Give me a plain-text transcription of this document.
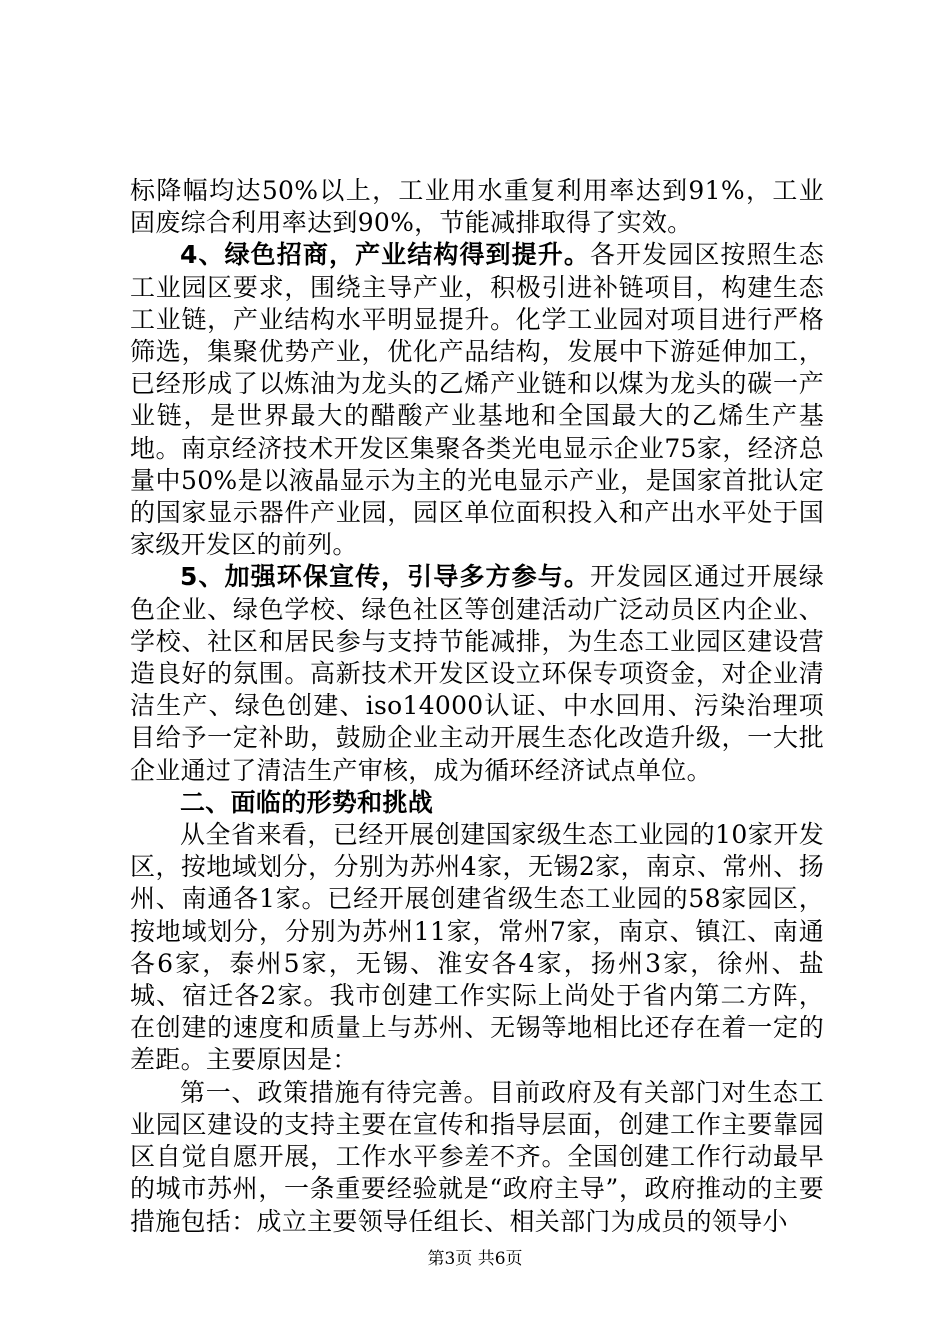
标降幅均达50%以上，工业用水重复利用率达到91%，工业固废综合利用率达到90%，节能减排取得了实效。

4、绿色招商，产业结构得到提升。各开发园区按照生态工业园区要求，围绕主导产业，积极引进补链项目，构建生态工业链，产业结构水平明显提升。化学工业园对项目进行严格筛选，集聚优势产业，优化产品结构，发展中下游延伸加工，已经形成了以炼油为龙头的乙烯产业链和以煤为龙头的碳一产业链，是世界最大的醋酸产业基地和全国最大的乙烯生产基地。南京经济技术开发区集聚各类光电显示企业75家，经济总量中50%是以液晶显示为主的光电显示产业，是国家首批认定的国家显示器件产业园，园区单位面积投入和产出水平处于国家级开发区的前列。

5、加强环保宣传，引导多方参与。开发园区通过开展绿色企业、绿色学校、绿色社区等创建活动广泛动员区内企业、学校、社区和居民参与支持节能减排，为生态工业园区建设营造良好的氛围。高新技术开发区设立环保专项资金，对企业清洁生产、绿色创建、iso14000认证、中水回用、污染治理项目给予一定补助，鼓励企业主动开展生态化改造升级，一大批企业通过了清洁生产审核，成为循环经济试点单位。

二、面临的形势和挑战

从全省来看，已经开展创建国家级生态工业园的10家开发区，按地域划分，分别为苏州4家，无锡2家，南京、常州、扬州、南通各1家。已经开展创建省级生态工业园的58家园区，按地域划分，分别为苏州11家，常州7家，南京、镇江、南通各6家，泰州5家，无锡、淮安各4家，扬州3家，徐州、盐城、宿迁各2家。我市创建工作实际上尚处于省内第二方阵，在创建的速度和质量上与苏州、无锡等地相比还存在着一定的差距。主要原因是：

第一、政策措施有待完善。目前政府及有关部门对生态工业园区建设的支持主要在宣传和指导层面，创建工作主要靠园区自觉自愿开展，工作水平参差不齐。全国创建工作行动最早的城市苏州，一条重要经验就是“政府主导”，政府推动的主要措施包括：成立主要领导任组长、相关部门为成员的领导小

第3页 共6页
